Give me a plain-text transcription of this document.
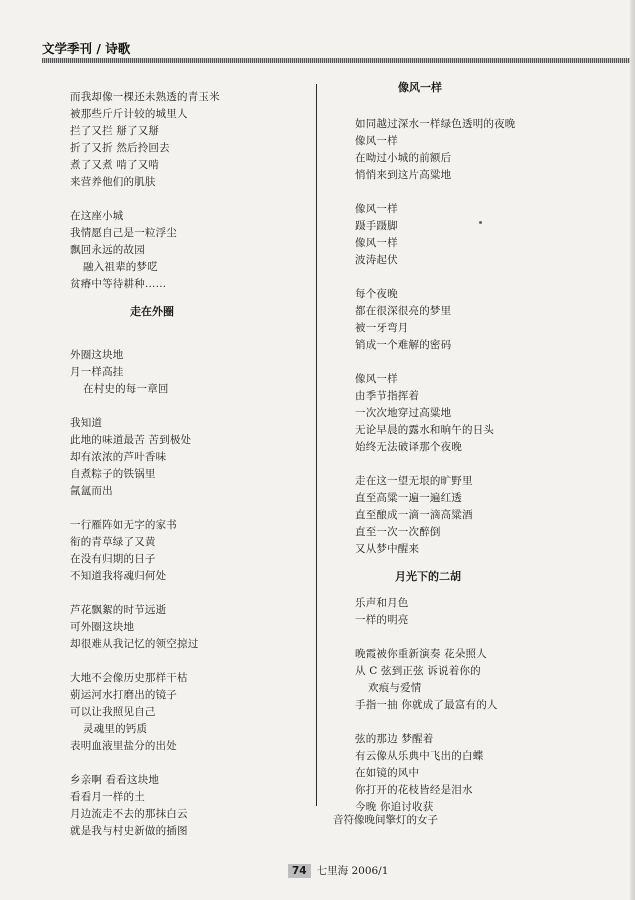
文学季刊 / 诗歌
而我却像一棵还未熟透的青玉米
被那些斤斤计较的城里人
拦了又拦 掰了又掰
折了又折 然后拎回去
煮了又煮 啃了又啃
来营养他们的肌肤
在这座小城
我情愿自己是一粒浮尘
飘回永远的故园
融入祖辈的梦呓
贫瘠中等待耕种……
走在外圈
外圈这块地
月一样高挂
在村史的每一章回
我知道
此地的味道最苦 苦到极处
却有浓浓的芦叶香味
自煮粽子的铁锅里
氤氲而出
一行雁阵如无字的家书
衔的青草绿了又黄
在没有归期的日子
不知道我将魂归何处
芦花飘絮的时节远逝
可外圈这块地
却很难从我记忆的领空掠过
大地不会像历史那样干枯
莂运河水打磨出的镜子
可以让我照见自己
灵魂里的钙质
表明血液里盐分的出处
乡亲啊 看看这块地
看看月一样的土
月边流走不去的那抹白云
就是我与村史新做的插图
像风一样
如同越过深水一样绿色透明的夜晚
像风一样
在呦过小城的前额后
悄悄来到这片高粱地
像风一样
蹑手蹑脚
像风一样
波涛起伏
每个夜晚
都在很深很亮的梦里
被一牙弯月
销成一个难解的密码
像风一样
由季节指挥着
一次次地穿过高粱地
无论早晨的露水和晌午的日头
始终无法破译那个夜晚
走在这一望无垠的旷野里
直至高粱一遍一遍红透
直至酿成一滴一滴高粱酒
直至一次一次醉倒
又从梦中醒来
月光下的二胡
乐声和月色
一样的明亮
晚霞被你重新演奏 花朵照人
从 C 弦到正弦 诉说着你的
欢痕与爱情
手指一抽 你就成了最富有的人
弦的那边 梦醒着
有云像从乐典中飞出的白蝶
在如镜的风中
你打开的花枝皆经是泪水
今晚 你追讨收获
音符像晚间擎灯的女子
74 七里海 2006/1
